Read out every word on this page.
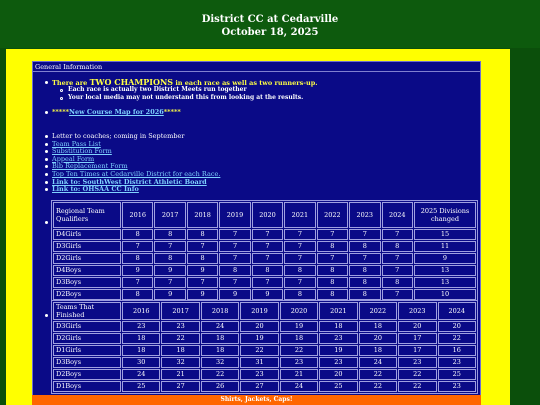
District CC at Cedarville
October 18, 2025
General Information
There are TWO CHAMPIONS in each race as well as two runners-up.
Each race is actually two District Meets run together
Your local media may not understand this from looking at the results.
*****New Course Map for 2026*****
Letter to coaches; coming in September
Team Pass List
Substitution Form
Appeal Form
Bib Replacement Form
Top Ten Times at Cedarville District for each Race.
Link to: SouthWest District Athletic Board
Link to: OHSAA CC Info
Regional Team Qualifiers	2016	2017	2018	2019	2020	2021	2022	2023	2024	2025 Divisions changed
D4Girls	8	8	8	7	7	7	7	7	7	15
D3Girls	7	7	7	7	7	7	8	8	8	11
D2Girls	8	8	8	7	7	7	7	7	7	9
D4Boys	9	9	9	8	8	8	8	8	7	13
D3Boys	7	7	7	7	7	7	8	8	8	13
D2Boys	8	9	9	9	9	8	8	8	7	10
Teams That Finished	2016	2017	2018	2019	2020	2021	2022	2023	2024
D3Girls	23	23	24	20	19	18	18	20	20
D2Girls	18	22	18	19	18	23	20	17	22
D1Girls	18	18	18	22	22	19	18	17	16
D3Boys	30	32	32	31	23	23	24	23	23
D2Boys	24	21	22	23	21	20	22	22	25
D1Boys	25	27	26	27	24	25	22	22	23
Shirts, Jackets, Caps!
